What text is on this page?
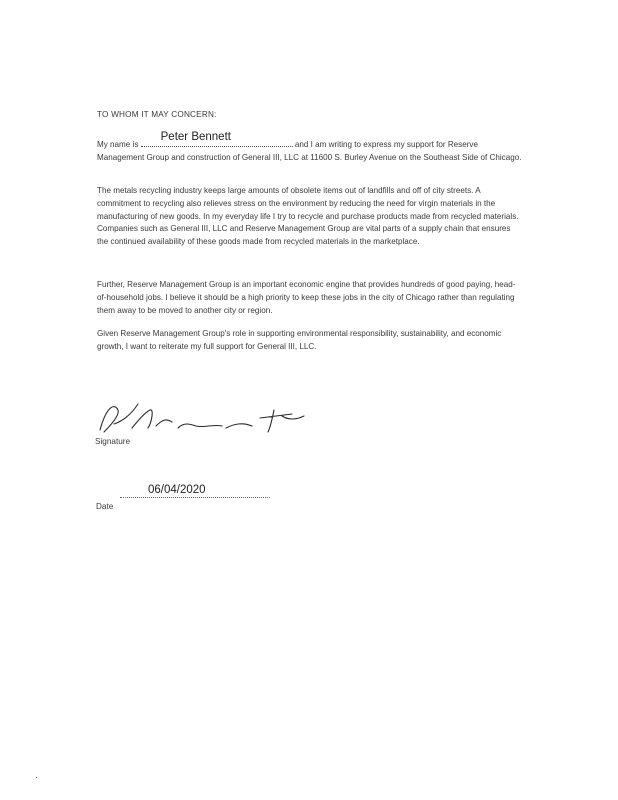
TO WHOM IT MAY CONCERN:

My name is
Peter Bennett
and I am writing to express my support for Reserve Management Group and construction of General III, LLC at 11600 S. Burley Avenue on the Southeast Side of Chicago.

The metals recycling industry keeps large amounts of obsolete items out of landfills and off of city streets. A commitment to recycling also relieves stress on the environment by reducing the need for virgin materials in the manufacturing of new goods. In my everyday life I try to recycle and purchase products made from recycled materials. Companies such as General III, LLC and Reserve Management Group are vital parts of a supply chain that ensures the continued availability of these goods made from recycled materials in the marketplace.

Further, Reserve Management Group is an important economic engine that provides hundreds of good paying, head-of-household jobs. I believe it should be a high priority to keep these jobs in the city of Chicago rather than regulating them away to be moved to another city or region.

Given Reserve Management Group's role in supporting environmental responsibility, sustainability, and economic growth, I want to reiterate my full support for General III, LLC.

Signature
06/04/2020
Date
